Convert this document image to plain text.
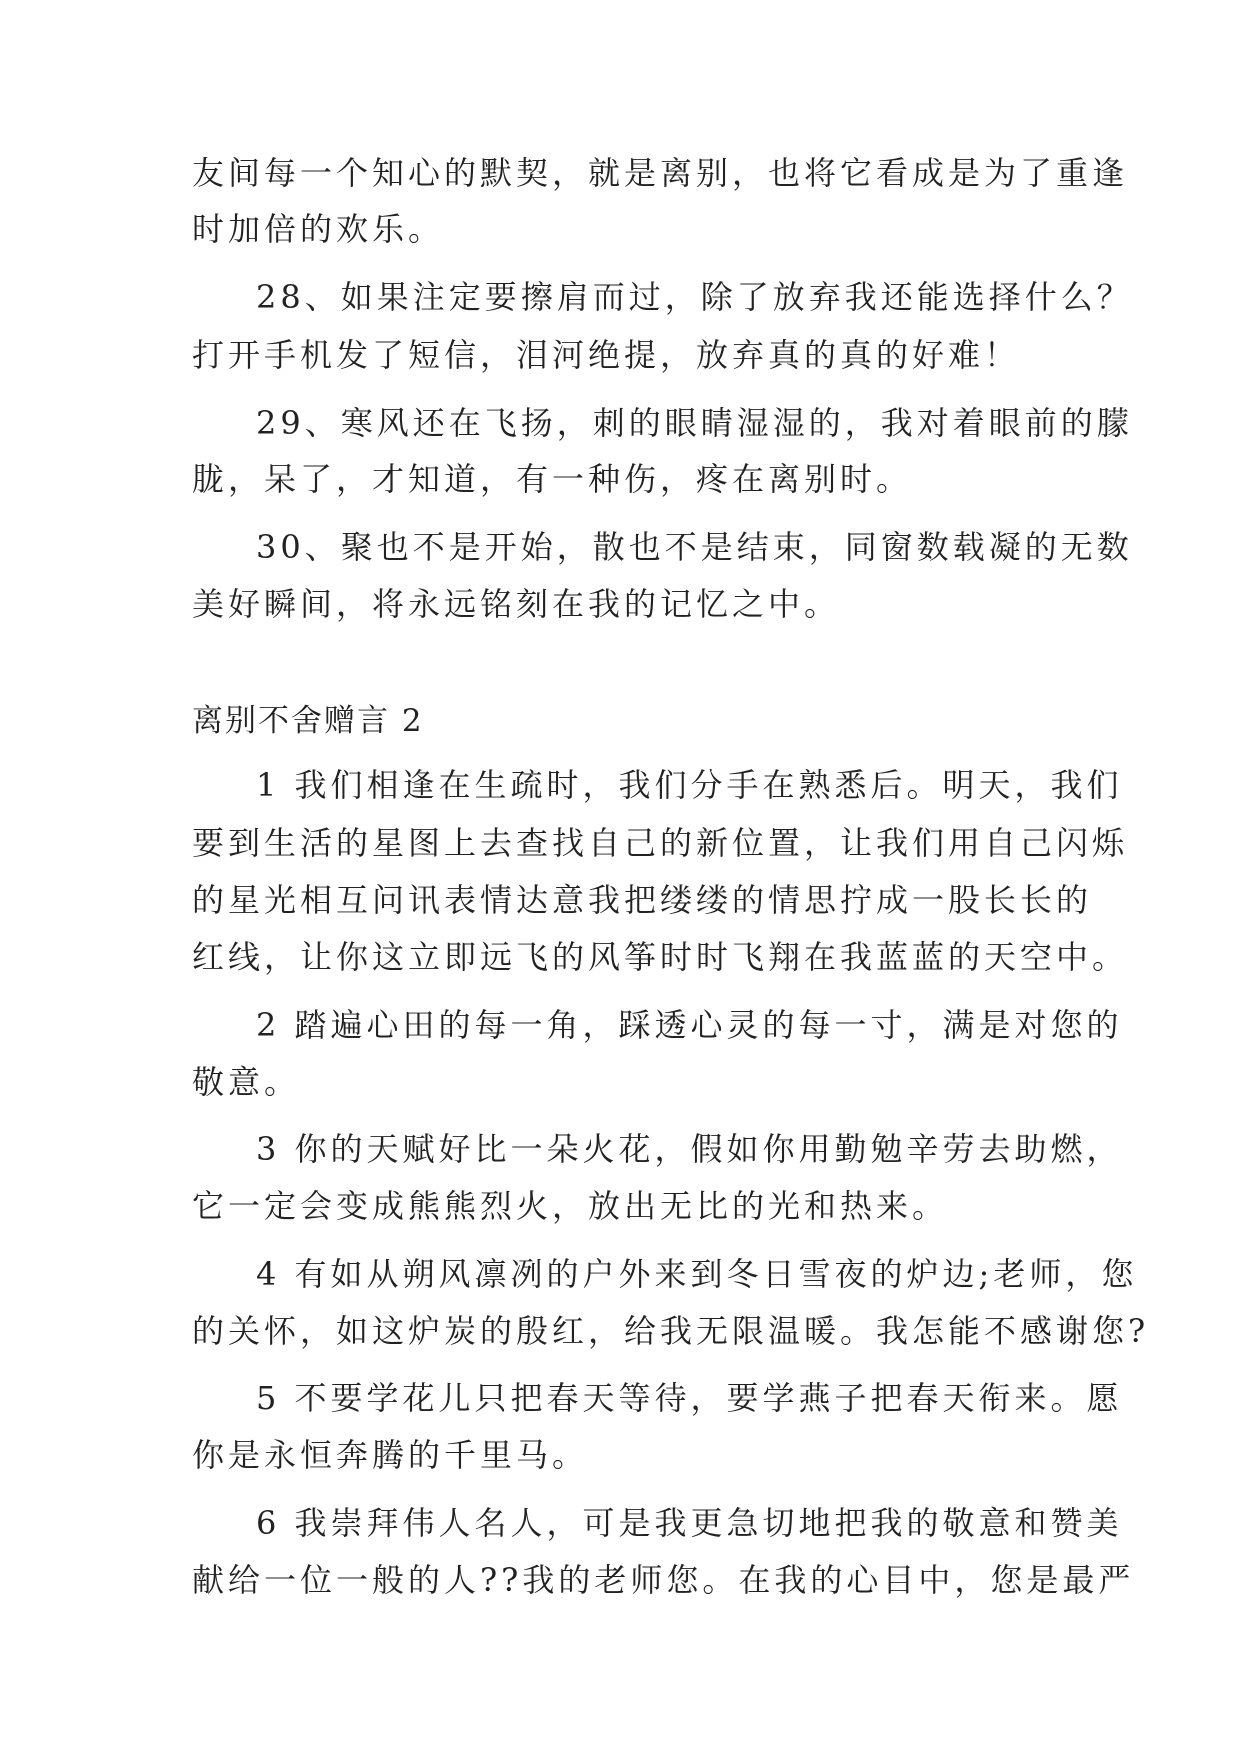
友间每一个知心的默契，就是离别，也将它看成是为了重逢
时加倍的欢乐。
28、如果注定要擦肩而过，除了放弃我还能选择什么？
打开手机发了短信，泪河绝提，放弃真的真的好难！
29、寒风还在飞扬，刺的眼睛湿湿的，我对着眼前的朦
胧，呆了，才知道，有一种伤，疼在离别时。
30、聚也不是开始，散也不是结束，同窗数载凝的无数
美好瞬间，将永远铭刻在我的记忆之中。
离别不舍赠言 2
1 我们相逢在生疏时，我们分手在熟悉后。明天，我们
要到生活的星图上去查找自己的新位置，让我们用自己闪烁
的星光相互问讯表情达意我把缕缕的情思拧成一股长长的
红线，让你这立即远飞的风筝时时飞翔在我蓝蓝的天空中。
2 踏遍心田的每一角，踩透心灵的每一寸，满是对您的
敬意。
3 你的天赋好比一朵火花，假如你用勤勉辛劳去助燃，
它一定会变成熊熊烈火，放出无比的光和热来。
4 有如从朔风凛冽的户外来到冬日雪夜的炉边;老师，您
的关怀，如这炉炭的殷红，给我无限温暖。我怎能不感谢您?
5 不要学花儿只把春天等待，要学燕子把春天衔来。愿
你是永恒奔腾的千里马。
6 我崇拜伟人名人，可是我更急切地把我的敬意和赞美
献给一位一般的人??我的老师您。在我的心目中，您是最严
